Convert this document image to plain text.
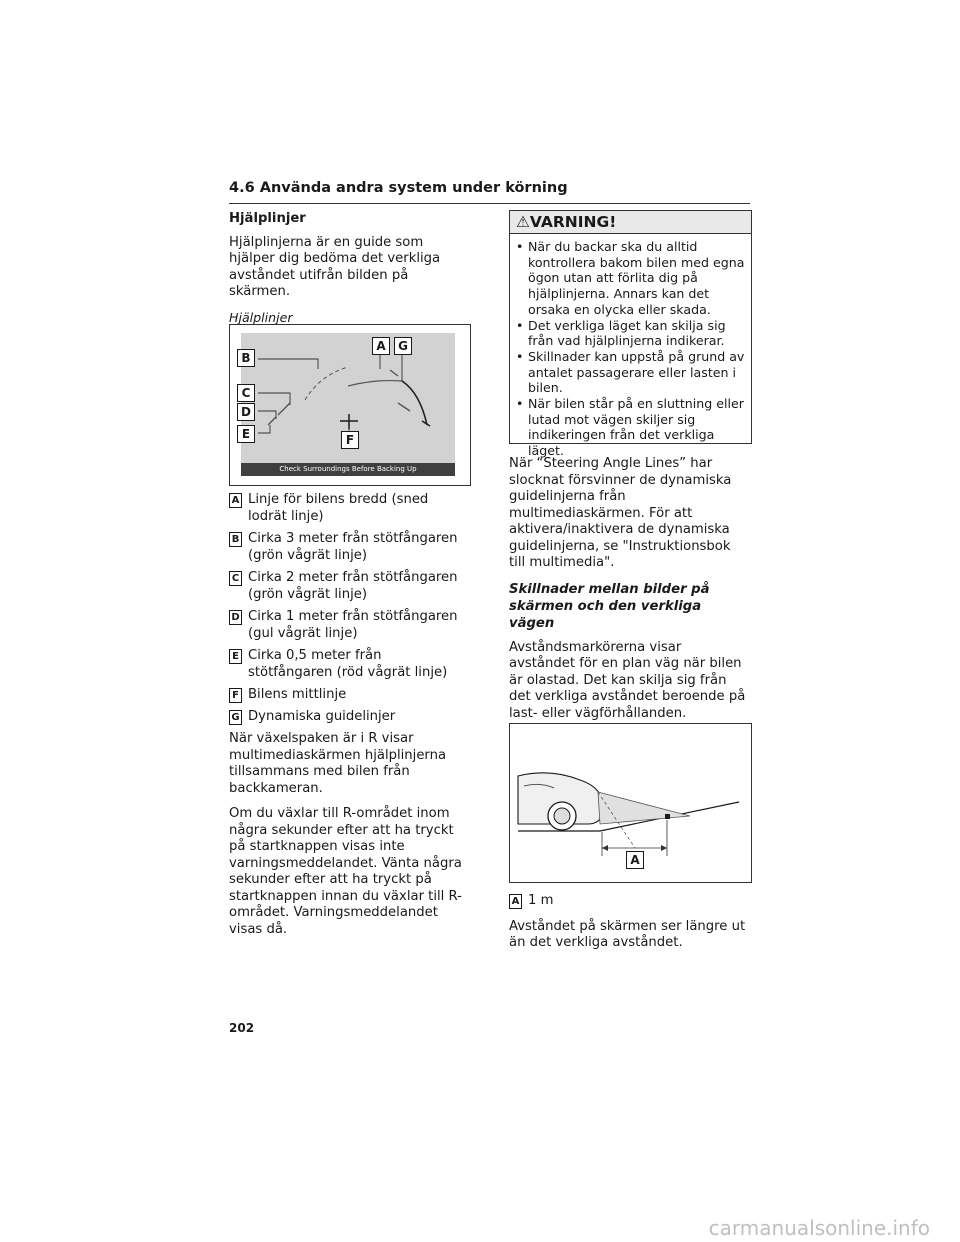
4.6 Använda andra system under körning

Hjälplinjer

Hjälplinjerna är en guide som hjälper dig bedöma det verkliga avståndet utifrån bilden på skärmen.

Hjälplinjer

B
C
D
E
A	G
F
Check Surroundings Before Backing Up
A Linje för bilens bredd (sned lodrät linje)
B Cirka 3 meter från stötfångaren (grön vågrät linje)
C Cirka 2 meter från stötfångaren (grön vågrät linje)
D Cirka 1 meter från stötfångaren (gul vågrät linje)
E Cirka 0,5 meter från stötfångaren (röd vågrät linje)
F Bilens mittlinje
G Dynamiska guidelinjer

När växelspaken är i R visar multimediaskärmen hjälplinjerna tillsammans med bilen från backkameran.

Om du växlar till R-området inom några sekunder efter att ha tryckt på startknappen visas inte varningsmeddelandet. Vänta några sekunder efter att ha tryckt på startknappen innan du växlar till R-området. Varningsmeddelandet visas då.

⚠VARNING!
• När du backar ska du alltid kontrollera bakom bilen med egna ögon utan att förlita dig på hjälplinjerna. Annars kan det orsaka en olycka eller skada.
• Det verkliga läget kan skilja sig från vad hjälplinjerna indikerar.
• Skillnader kan uppstå på grund av antalet passagerare eller lasten i bilen.
• När bilen står på en sluttning eller lutad mot vägen skiljer sig indikeringen från det verkliga läget.

När “Steering Angle Lines” har slocknat försvinner de dynamiska guidelinjerna från multimediaskärmen. För att aktivera/inaktivera de dynamiska guidelinjerna, se "Instruktionsbok till multimedia".

Skillnader mellan bilder på skärmen och den verkliga vägen

Avståndsmarkörerna visar avståndet för en plan väg när bilen är olastad. Det kan skilja sig från det verkliga avståndet beroende på last- eller vägförhållanden.

A
A 1 m

Avståndet på skärmen ser längre ut än det verkliga avståndet.

202
carmanualsonline.info
